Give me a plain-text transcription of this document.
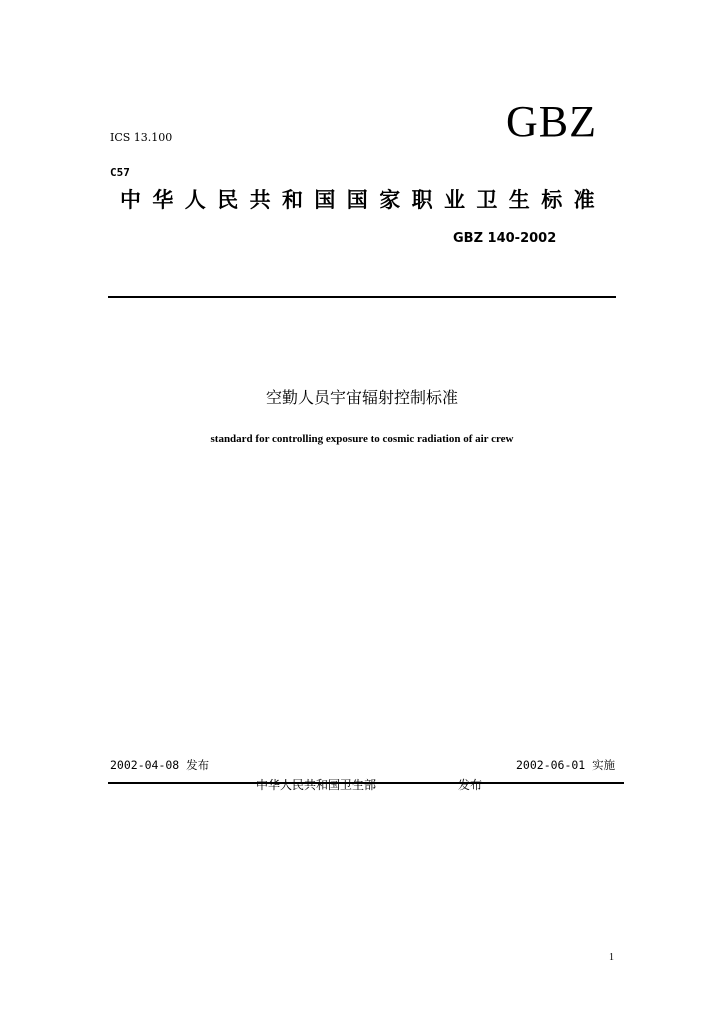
ICS 13.100	GBZ
C57
中华人民共和国国家职业卫生标准
GBZ 140-2002
空勤人员宇宙辐射控制标准
standard for controlling exposure to cosmic radiation of air crew
2002-04-08 发布	2002-06-01 实施
中华人民共和国卫生部	发布
1
